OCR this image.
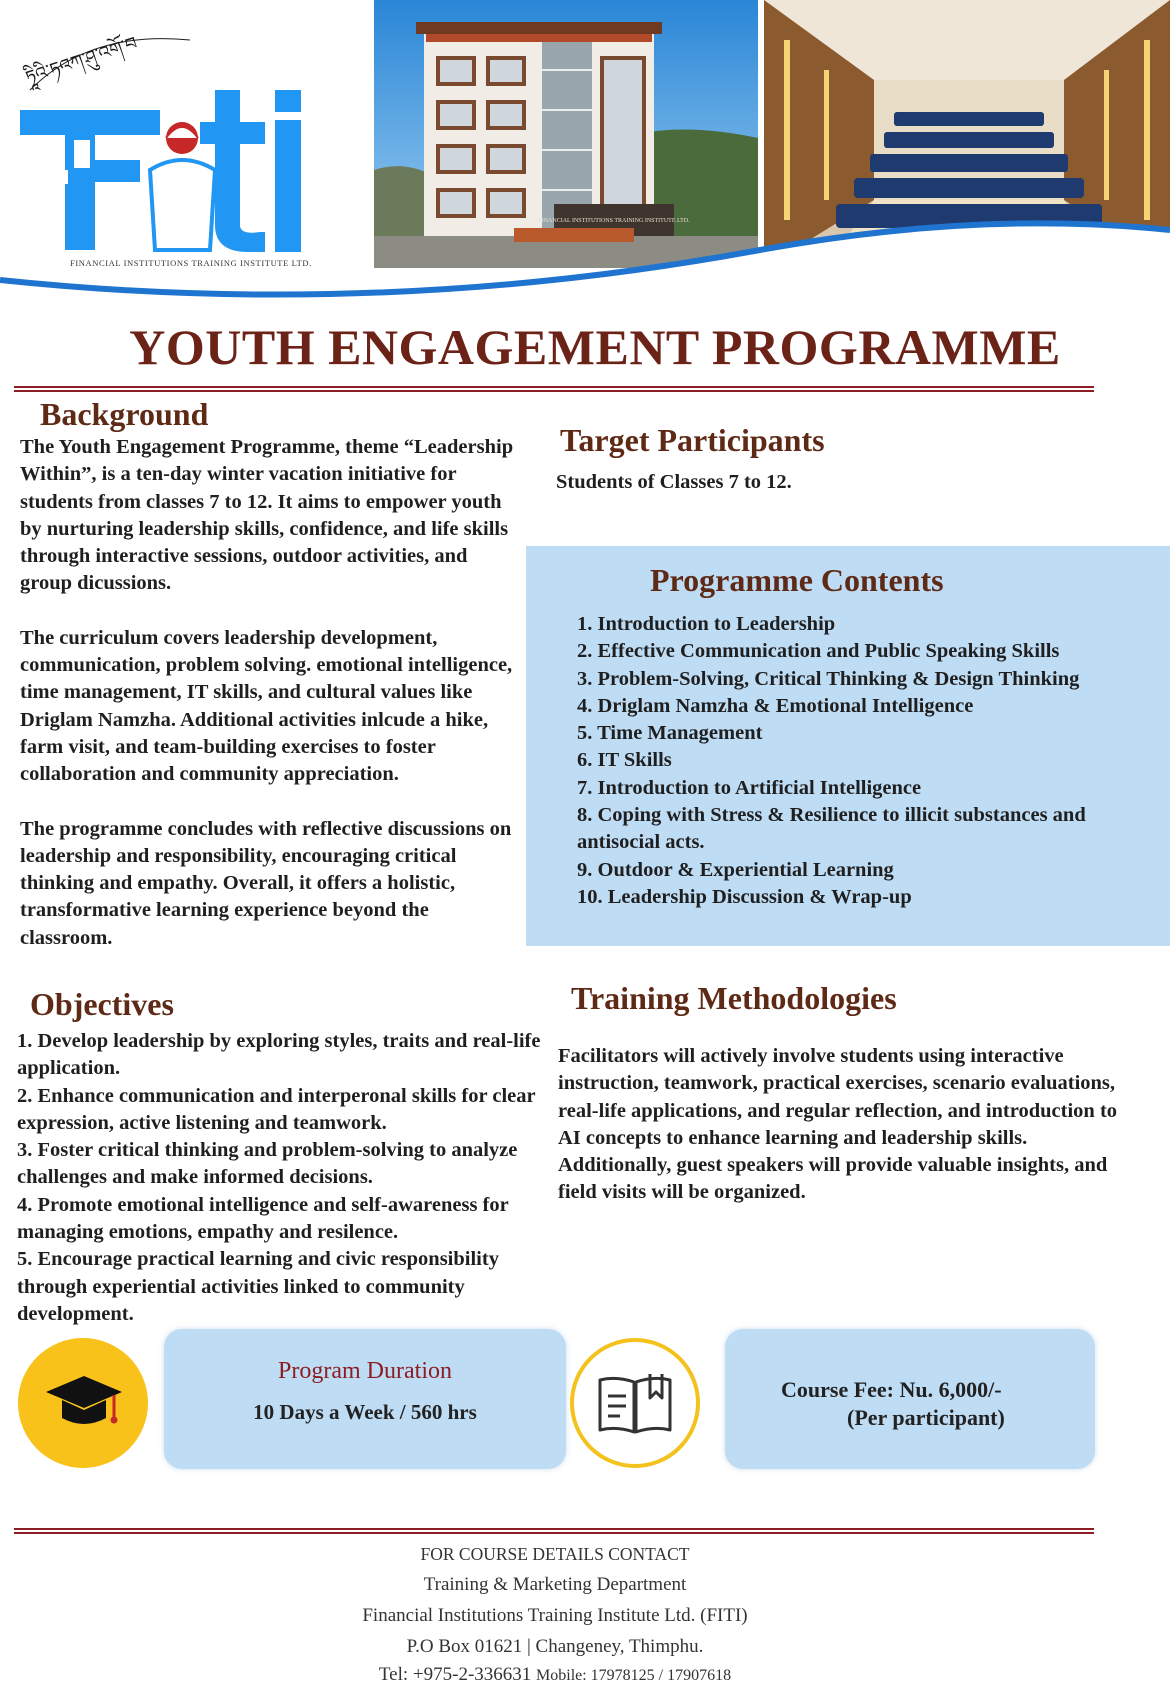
FINANCIAL INSTITUTIONS TRAINING INSTITUTE LTD.
ཏཱིའི་ཏའཀ་ཤུ་འགོ་བ
FINANCIAL INSTITUTIONS TRAINING INSTITUTE LTD.
YOUTH ENGAGEMENT PROGRAMME
Background

The Youth Engagement Programme, theme “Leadership Within”, is a ten-day winter vacation initiative for students from classes 7 to 12. It aims to empower youth by nurturing leadership skills, confidence, and life skills through interactive sessions, outdoor activities, and group dicussions.

The curriculum covers leadership development, communication, problem solving. emotional intelligence, time management, IT skills, and cultural values like Driglam Namzha. Additional activities inlcude a hike, farm visit, and team-building exercises to foster collaboration and community appreciation.

The programme concludes with reflective discussions on leadership and responsibility, encouraging critical thinking and empathy. Overall, it offers a holistic, transformative learning experience beyond the classroom.

Objectives
1. Develop leadership by exploring styles, traits and real-life application.
2. Enhance communication and interperonal skills for clear expression, active listening and teamwork.
3. Foster critical thinking and problem-solving to analyze challenges and make informed decisions.
4. Promote emotional intelligence and self-awareness for managing emotions, empathy and resilence.
5. Encourage practical learning and civic responsibility through experiential activities linked to community development.
Target Participants
Students of Classes 7 to 12.
Programme Contents
1. Introduction to Leadership
2. Effective Communication and Public Speaking Skills
3. Problem-Solving, Critical Thinking & Design Thinking
4. Driglam Namzha & Emotional Intelligence
5. Time Management
6. IT Skills
7. Introduction to Artificial Intelligence
8. Coping with Stress & Resilience to illicit substances and antisocial acts.
9. Outdoor & Experiential Learning
10. Leadership Discussion & Wrap-up
Training Methodologies
Facilitators will actively involve students using interactive instruction, teamwork, practical exercises, scenario evaluations, real-life applications, and regular reflection, and introduction to AI concepts to enhance learning and leadership skills. Additionally, guest speakers will provide valuable insights, and field visits will be organized.
Program Duration
10 Days a Week / 560 hrs
Course Fee: Nu. 6,000/-
(Per participant)
FOR COURSE DETAILS CONTACT
Training & Marketing Department
Financial Institutions Training Institute Ltd. (FITI)
P.O Box 01621 | Changeney, Thimphu.
Tel: +975-2-336631 Mobile: 17978125 / 17907618
